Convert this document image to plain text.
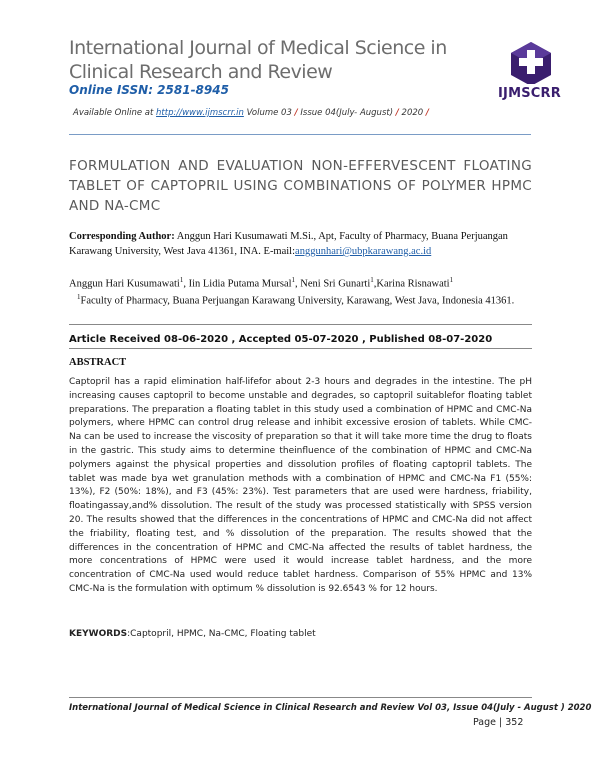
International Journal of Medical Science in Clinical Research and Review
Online ISSN: 2581-8945
Available Online at http://www.ijmscrr.in Volume 03 / Issue 04(July- August) / 2020 /
IJMSCRR
FORMULATION AND EVALUATION NON-EFFERVESCENT FLOATING TABLET OF CAPTOPRIL USING COMBINATIONS OF POLYMER HPMC AND NA-CMC
Corresponding Author: Anggun Hari Kusumawati M.Si., Apt, Faculty of Pharmacy, Buana Perjuangan Karawang University, West Java 41361, INA. E-mail:anggunhari@ubpkarawang.ac.id
Anggun Hari Kusumawati$^1$, Iin Lidia Putama Mursal$^1$, Neni Sri Gunarti$^1$,Karina Risnawati$^1$
$^1$Faculty of Pharmacy, Buana Perjuangan Karawang University, Karawang, West Java, Indonesia 41361.
Article Received 08-06-2020 , Accepted 05-07-2020 , Published 08-07-2020
ABSTRACT
Captopril has a rapid elimination half-lifefor about 2-3 hours and degrades in the intestine. The pH increasing causes captopril to become unstable and degrades, so captopril suitablefor floating tablet preparations. The preparation a floating tablet in this study used a combination of HPMC and CMC-Na polymers, where HPMC can control drug release and inhibit excessive erosion of tablets. While CMC-Na can be used to increase the viscosity of preparation so that it will take more time the drug to floats in the gastric. This study aims to determine theinfluence of the combination of HPMC and CMC-Na polymers against the physical properties and dissolution profiles of floating captopril tablets. The tablet was made bya wet granulation methods with a combination of HPMC and CMC-Na F1 (55%: 13%), F2 (50%: 18%), and F3 (45%: 23%). Test parameters that are used were hardness, friability, floatingassay,and% dissolution. The result of the study was processed statistically with SPSS version 20. The results showed that the differences in the concentrations of HPMC and CMC-Na did not affect the friability, floating test, and % dissolution of the preparation. The results showed that the differences in the concentration of HPMC and CMC-Na affected the results of tablet hardness, the more concentrations of HPMC were used it would increase tablet hardness, and the more concentration of CMC-Na used would reduce tablet hardness. Comparison of 55% HPMC and 13% CMC-Na is the formulation with optimum % dissolution is 92.6543 % for 12 hours.
KEYWORDS:Captopril, HPMC, Na-CMC, Floating tablet
International Journal of Medical Science in Clinical Research and Review Vol 03, Issue 04(July - August ) 2020
Page | 352
